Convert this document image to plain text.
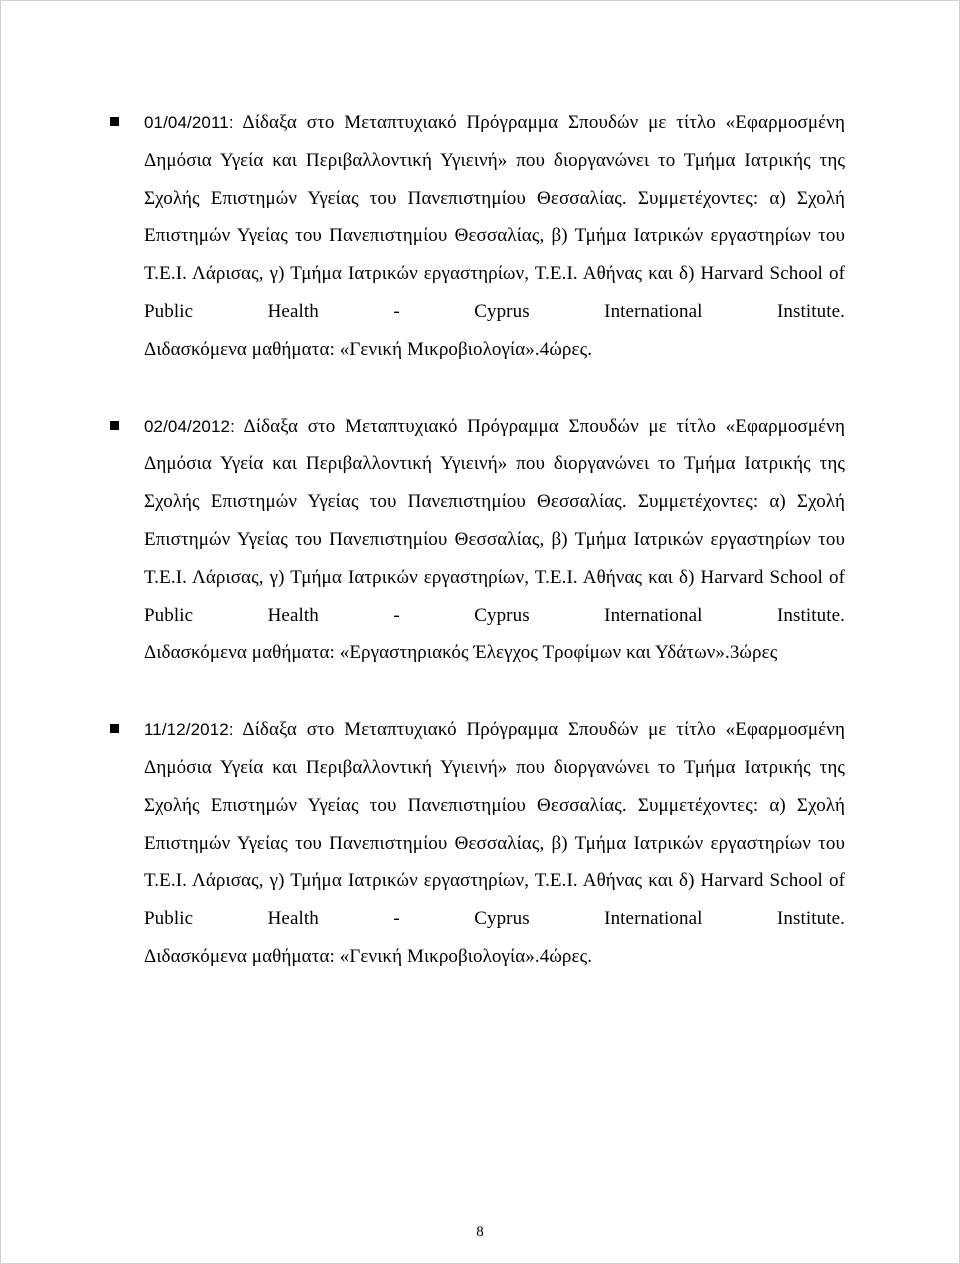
01/04/2011: Δίδαξα στο Μεταπτυχιακό Πρόγραμμα Σπουδών με τίτλο «Εφαρμοσμένη Δημόσια Υγεία και Περιβαλλοντική Υγιεινή» που διοργανώνει το Τμήμα Ιατρικής της Σχολής Επιστημών Υγείας του Πανεπιστημίου Θεσσαλίας. Συμμετέχοντες: α) Σχολή Επιστημών Υγείας του Πανεπιστημίου Θεσσαλίας, β) Τμήμα Ιατρικών εργαστηρίων του Τ.Ε.Ι. Λάρισας, γ) Τμήμα Ιατρικών εργαστηρίων, Τ.Ε.Ι. Αθήνας και δ) Harvard School of Public Health - Cyprus International Institute.
Διδασκόμενα μαθήματα: «Γενική Μικροβιολογία».4ώρες.
02/04/2012: Δίδαξα στο Μεταπτυχιακό Πρόγραμμα Σπουδών με τίτλο «Εφαρμοσμένη Δημόσια Υγεία και Περιβαλλοντική Υγιεινή» που διοργανώνει το Τμήμα Ιατρικής της Σχολής Επιστημών Υγείας του Πανεπιστημίου Θεσσαλίας. Συμμετέχοντες: α) Σχολή Επιστημών Υγείας του Πανεπιστημίου Θεσσαλίας, β) Τμήμα Ιατρικών εργαστηρίων του Τ.Ε.Ι. Λάρισας, γ) Τμήμα Ιατρικών εργαστηρίων, Τ.Ε.Ι. Αθήνας και δ) Harvard School of Public Health - Cyprus International Institute.
Διδασκόμενα μαθήματα: «Εργαστηριακός Έλεγχος Τροφίμων και Υδάτων».3ώρες
11/12/2012: Δίδαξα στο Μεταπτυχιακό Πρόγραμμα Σπουδών με τίτλο «Εφαρμοσμένη Δημόσια Υγεία και Περιβαλλοντική Υγιεινή» που διοργανώνει το Τμήμα Ιατρικής της Σχολής Επιστημών Υγείας του Πανεπιστημίου Θεσσαλίας. Συμμετέχοντες: α) Σχολή Επιστημών Υγείας του Πανεπιστημίου Θεσσαλίας, β) Τμήμα Ιατρικών εργαστηρίων του Τ.Ε.Ι. Λάρισας, γ) Τμήμα Ιατρικών εργαστηρίων, Τ.Ε.Ι. Αθήνας και δ) Harvard School of Public Health - Cyprus International Institute.
Διδασκόμενα μαθήματα: «Γενική Μικροβιολογία».4ώρες.
8
